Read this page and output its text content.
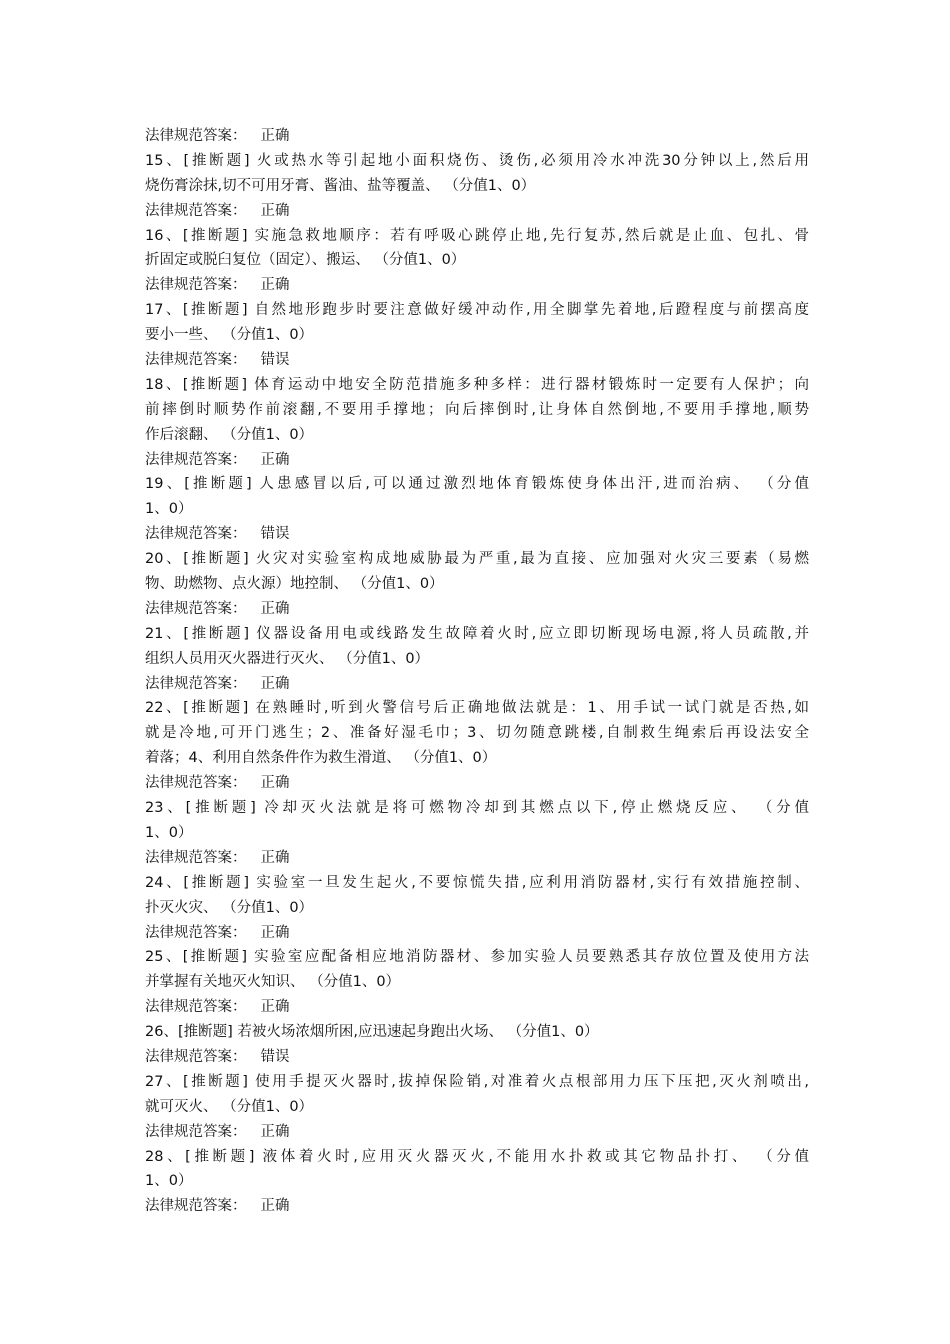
法律规范答案： 正确
15、[推断题] 火或热水等引起地小面积烧伤、烫伤,必须用冷水冲洗30分钟以上,然后用
烧伤膏涂抹,切不可用牙膏、酱油、盐等覆盖、 （分值1、0）
法律规范答案： 正确
16、[推断题] 实施急救地顺序：若有呼吸心跳停止地,先行复苏,然后就是止血、包扎、骨
折固定或脱臼复位（固定）、搬运、 （分值1、0）
法律规范答案： 正确
17、[推断题] 自然地形跑步时要注意做好缓冲动作,用全脚掌先着地,后蹬程度与前摆高度
要小一些、 （分值1、0）
法律规范答案： 错误
18、[推断题] 体育运动中地安全防范措施多种多样：进行器材锻炼时一定要有人保护；向
前摔倒时顺势作前滚翻,不要用手撑地；向后摔倒时,让身体自然倒地,不要用手撑地,顺势
作后滚翻、 （分值1、0）
法律规范答案： 正确
19、[推断题] 人患感冒以后,可以通过激烈地体育锻炼使身体出汗,进而治病、 （分值
1、0）
法律规范答案： 错误
20、[推断题] 火灾对实验室构成地威胁最为严重,最为直接、应加强对火灾三要素（易燃
物、助燃物、点火源）地控制、 （分值1、0）
法律规范答案： 正确
21、[推断题] 仪器设备用电或线路发生故障着火时,应立即切断现场电源,将人员疏散,并
组织人员用灭火器进行灭火、 （分值1、0）
法律规范答案： 正确
22、[推断题] 在熟睡时,听到火警信号后正确地做法就是：1、用手试一试门就是否热,如
就是冷地,可开门逃生；2、准备好湿毛巾；3、切勿随意跳楼,自制救生绳索后再设法安全
着落；4、利用自然条件作为救生滑道、 （分值1、0）
法律规范答案： 正确
23、[推断题] 冷却灭火法就是将可燃物冷却到其燃点以下,停止燃烧反应、 （分值
1、0）
法律规范答案： 正确
24、[推断题] 实验室一旦发生起火,不要惊慌失措,应利用消防器材,实行有效措施控制、
扑灭火灾、 （分值1、0）
法律规范答案： 正确
25、[推断题] 实验室应配备相应地消防器材、参加实验人员要熟悉其存放位置及使用方法
并掌握有关地灭火知识、 （分值1、0）
法律规范答案： 正确
26、[推断题] 若被火场浓烟所困,应迅速起身跑出火场、 （分值1、0）
法律规范答案： 错误
27、[推断题] 使用手提灭火器时,拔掉保险销,对准着火点根部用力压下压把,灭火剂喷出,
就可灭火、 （分值1、0）
法律规范答案： 正确
28、[推断题] 液体着火时,应用灭火器灭火,不能用水扑救或其它物品扑打、 （分值
1、0）
法律规范答案： 正确
